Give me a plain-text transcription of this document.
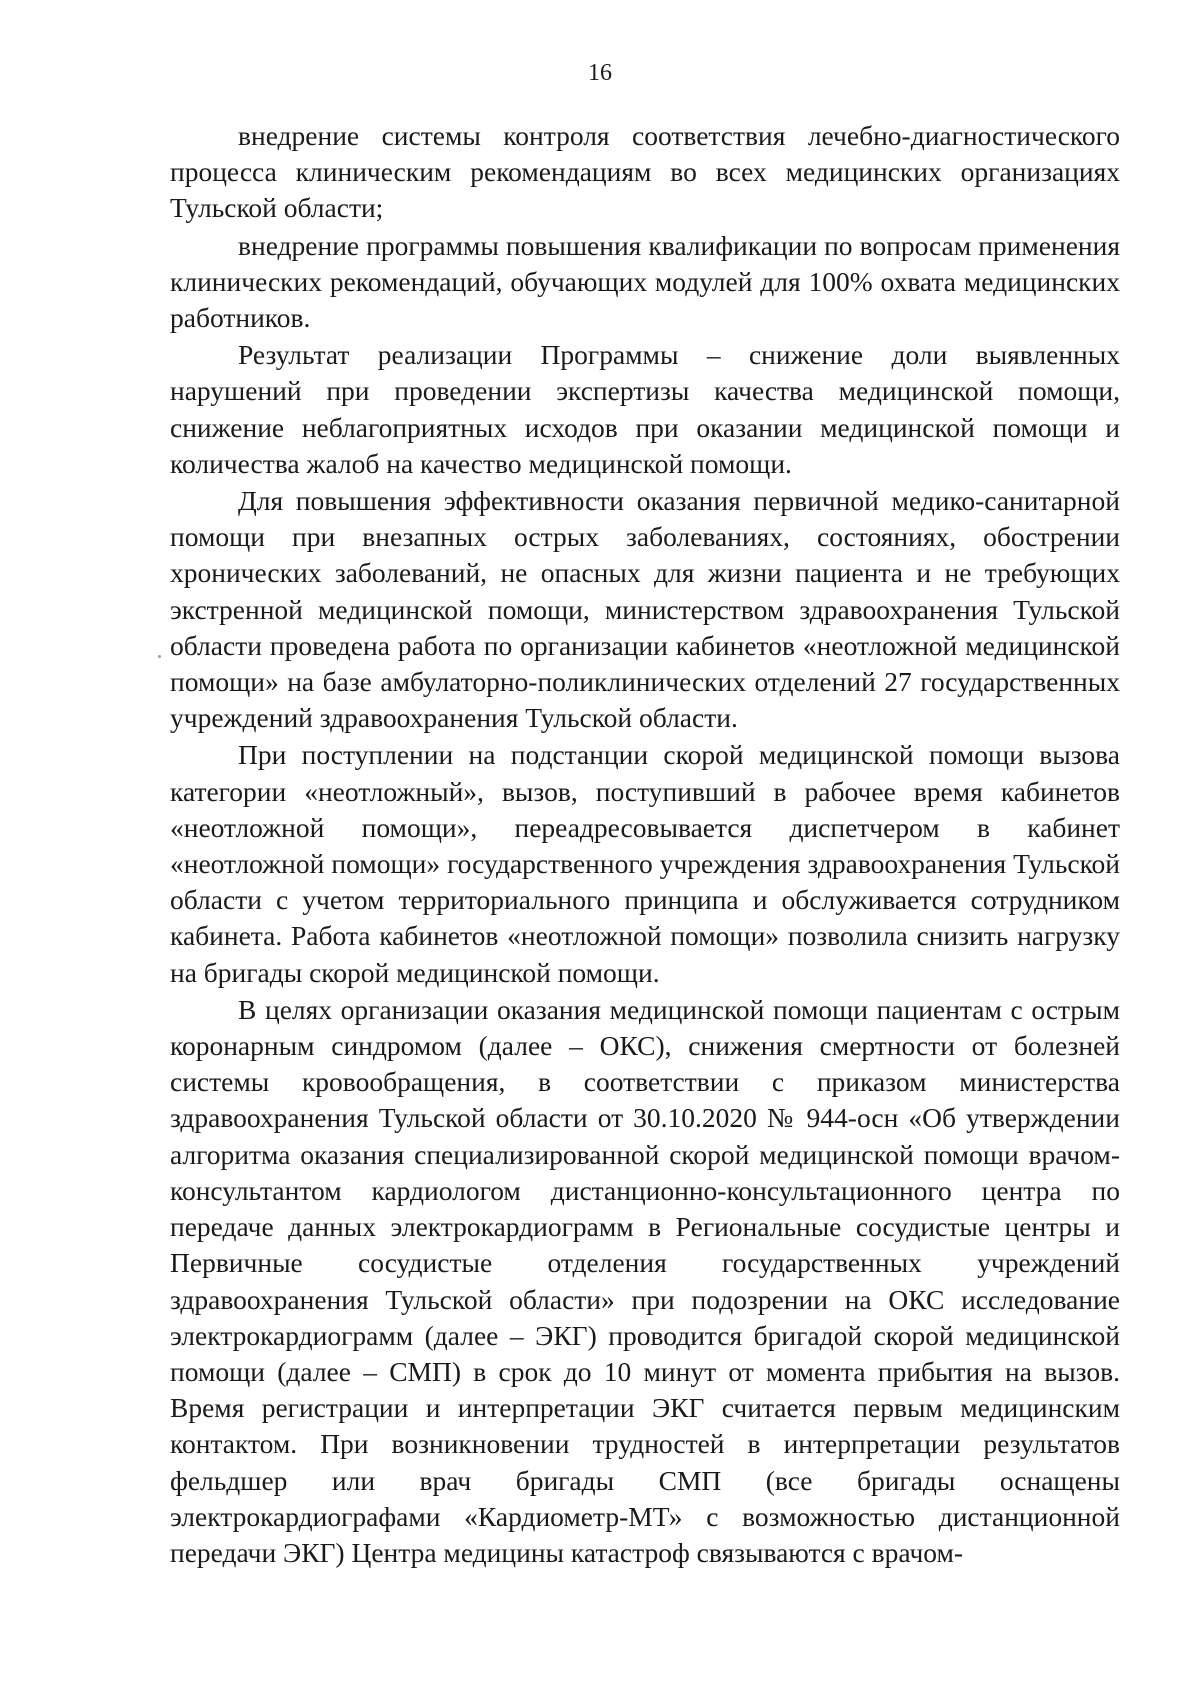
16

внедрение системы контроля соответствия лечебно-диагностического процесса клиническим рекомендациям во всех медицинских организациях Тульской области;

внедрение программы повышения квалификации по вопросам применения клинических рекомендаций, обучающих модулей для 100% охвата медицинских работников.

Результат реализации Программы – снижение доли выявленных нарушений при проведении экспертизы качества медицинской помощи, снижение неблагоприятных исходов при оказании медицинской помощи и количества жалоб на качество медицинской помощи.

Для повышения эффективности оказания первичной медико-санитарной помощи при внезапных острых заболеваниях, состояниях, обострении хронических заболеваний, не опасных для жизни пациента и не требующих экстренной медицинской помощи, министерством здравоохранения Тульской области проведена работа по организации кабинетов «неотложной медицинской помощи» на базе амбулаторно-поликлинических отделений 27 государственных учреждений здравоохранения Тульской области.

При поступлении на подстанции скорой медицинской помощи вызова категории «неотложный», вызов, поступивший в рабочее время кабинетов «неотложной помощи», переадресовывается диспетчером в кабинет «неотложной помощи» государственного учреждения здравоохранения Тульской области с учетом территориального принципа и обслуживается сотрудником кабинета. Работа кабинетов «неотложной помощи» позволила снизить нагрузку на бригады скорой медицинской помощи.

В целях организации оказания медицинской помощи пациентам с острым коронарным синдромом (далее – ОКС), снижения смертности от болезней системы кровообращения, в соответствии с приказом министерства здравоохранения Тульской области от 30.10.2020 № 944-осн «Об утверждении алгоритма оказания специализированной скорой медицинской помощи врачом-консультантом кардиологом дистанционно-консультационного центра по передаче данных электрокардиограмм в Региональные сосудистые центры и Первичные сосудистые отделения государственных учреждений здравоохранения Тульской области» при подозрении на ОКС исследование электрокардиограмм (далее – ЭКГ) проводится бригадой скорой медицинской помощи (далее – СМП) в срок до 10 минут от момента прибытия на вызов. Время регистрации и интерпретации ЭКГ считается первым медицинским контактом. При возникновении трудностей в интерпретации результатов фельдшер или врач бригады СМП (все бригады оснащены электрокардиографами «Кардиометр-МТ» с возможностью дистанционной передачи ЭКГ) Центра медицины катастроф связываются с врачом-
